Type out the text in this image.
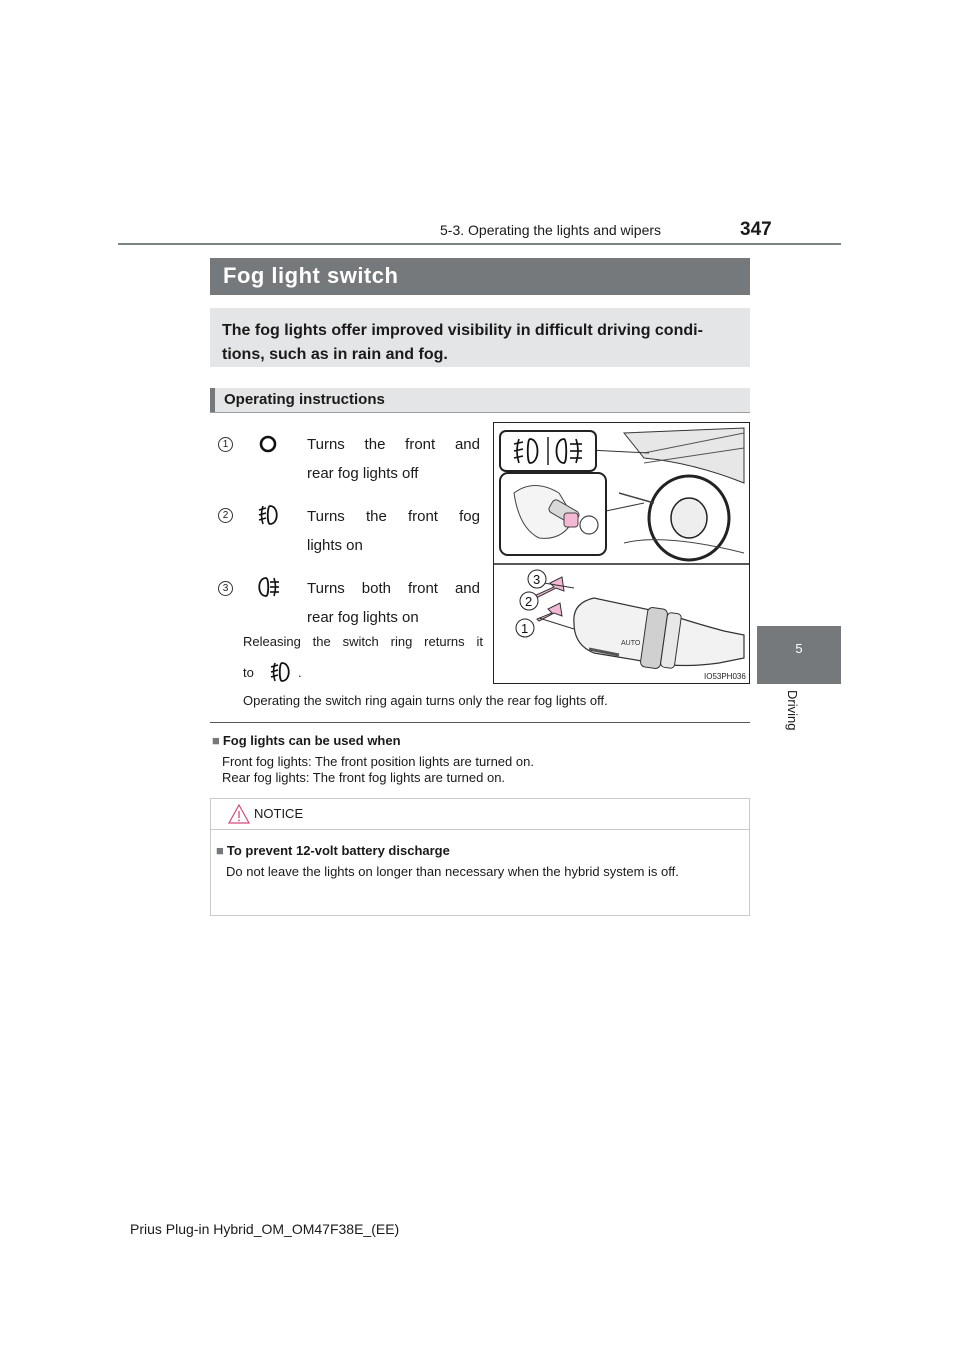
5-3. Operating the lights and wipers	347
5
Driving
Fog light switch
The fog lights offer improved visibility in difficult driving condi-tions, such as in rain and fog.
Operating instructions
1	Turns the front and
rear fog lights off
2	Turns the front fog
lights on
3	Turns both front and
rear fog lights on
Releasing the switch ring returns it
to	.
Operating the switch ring again turns only the rear fog lights off.
AUTO
1
2
3
IO53PH036
■ Fog lights can be used when
Front fog lights: The front position lights are turned on.
Rear fog lights: The front fog lights are turned on.
NOTICE
■ To prevent 12-volt battery discharge
Do not leave the lights on longer than necessary when the hybrid system is off.
Prius Plug-in Hybrid_OM_OM47F38E_(EE)
